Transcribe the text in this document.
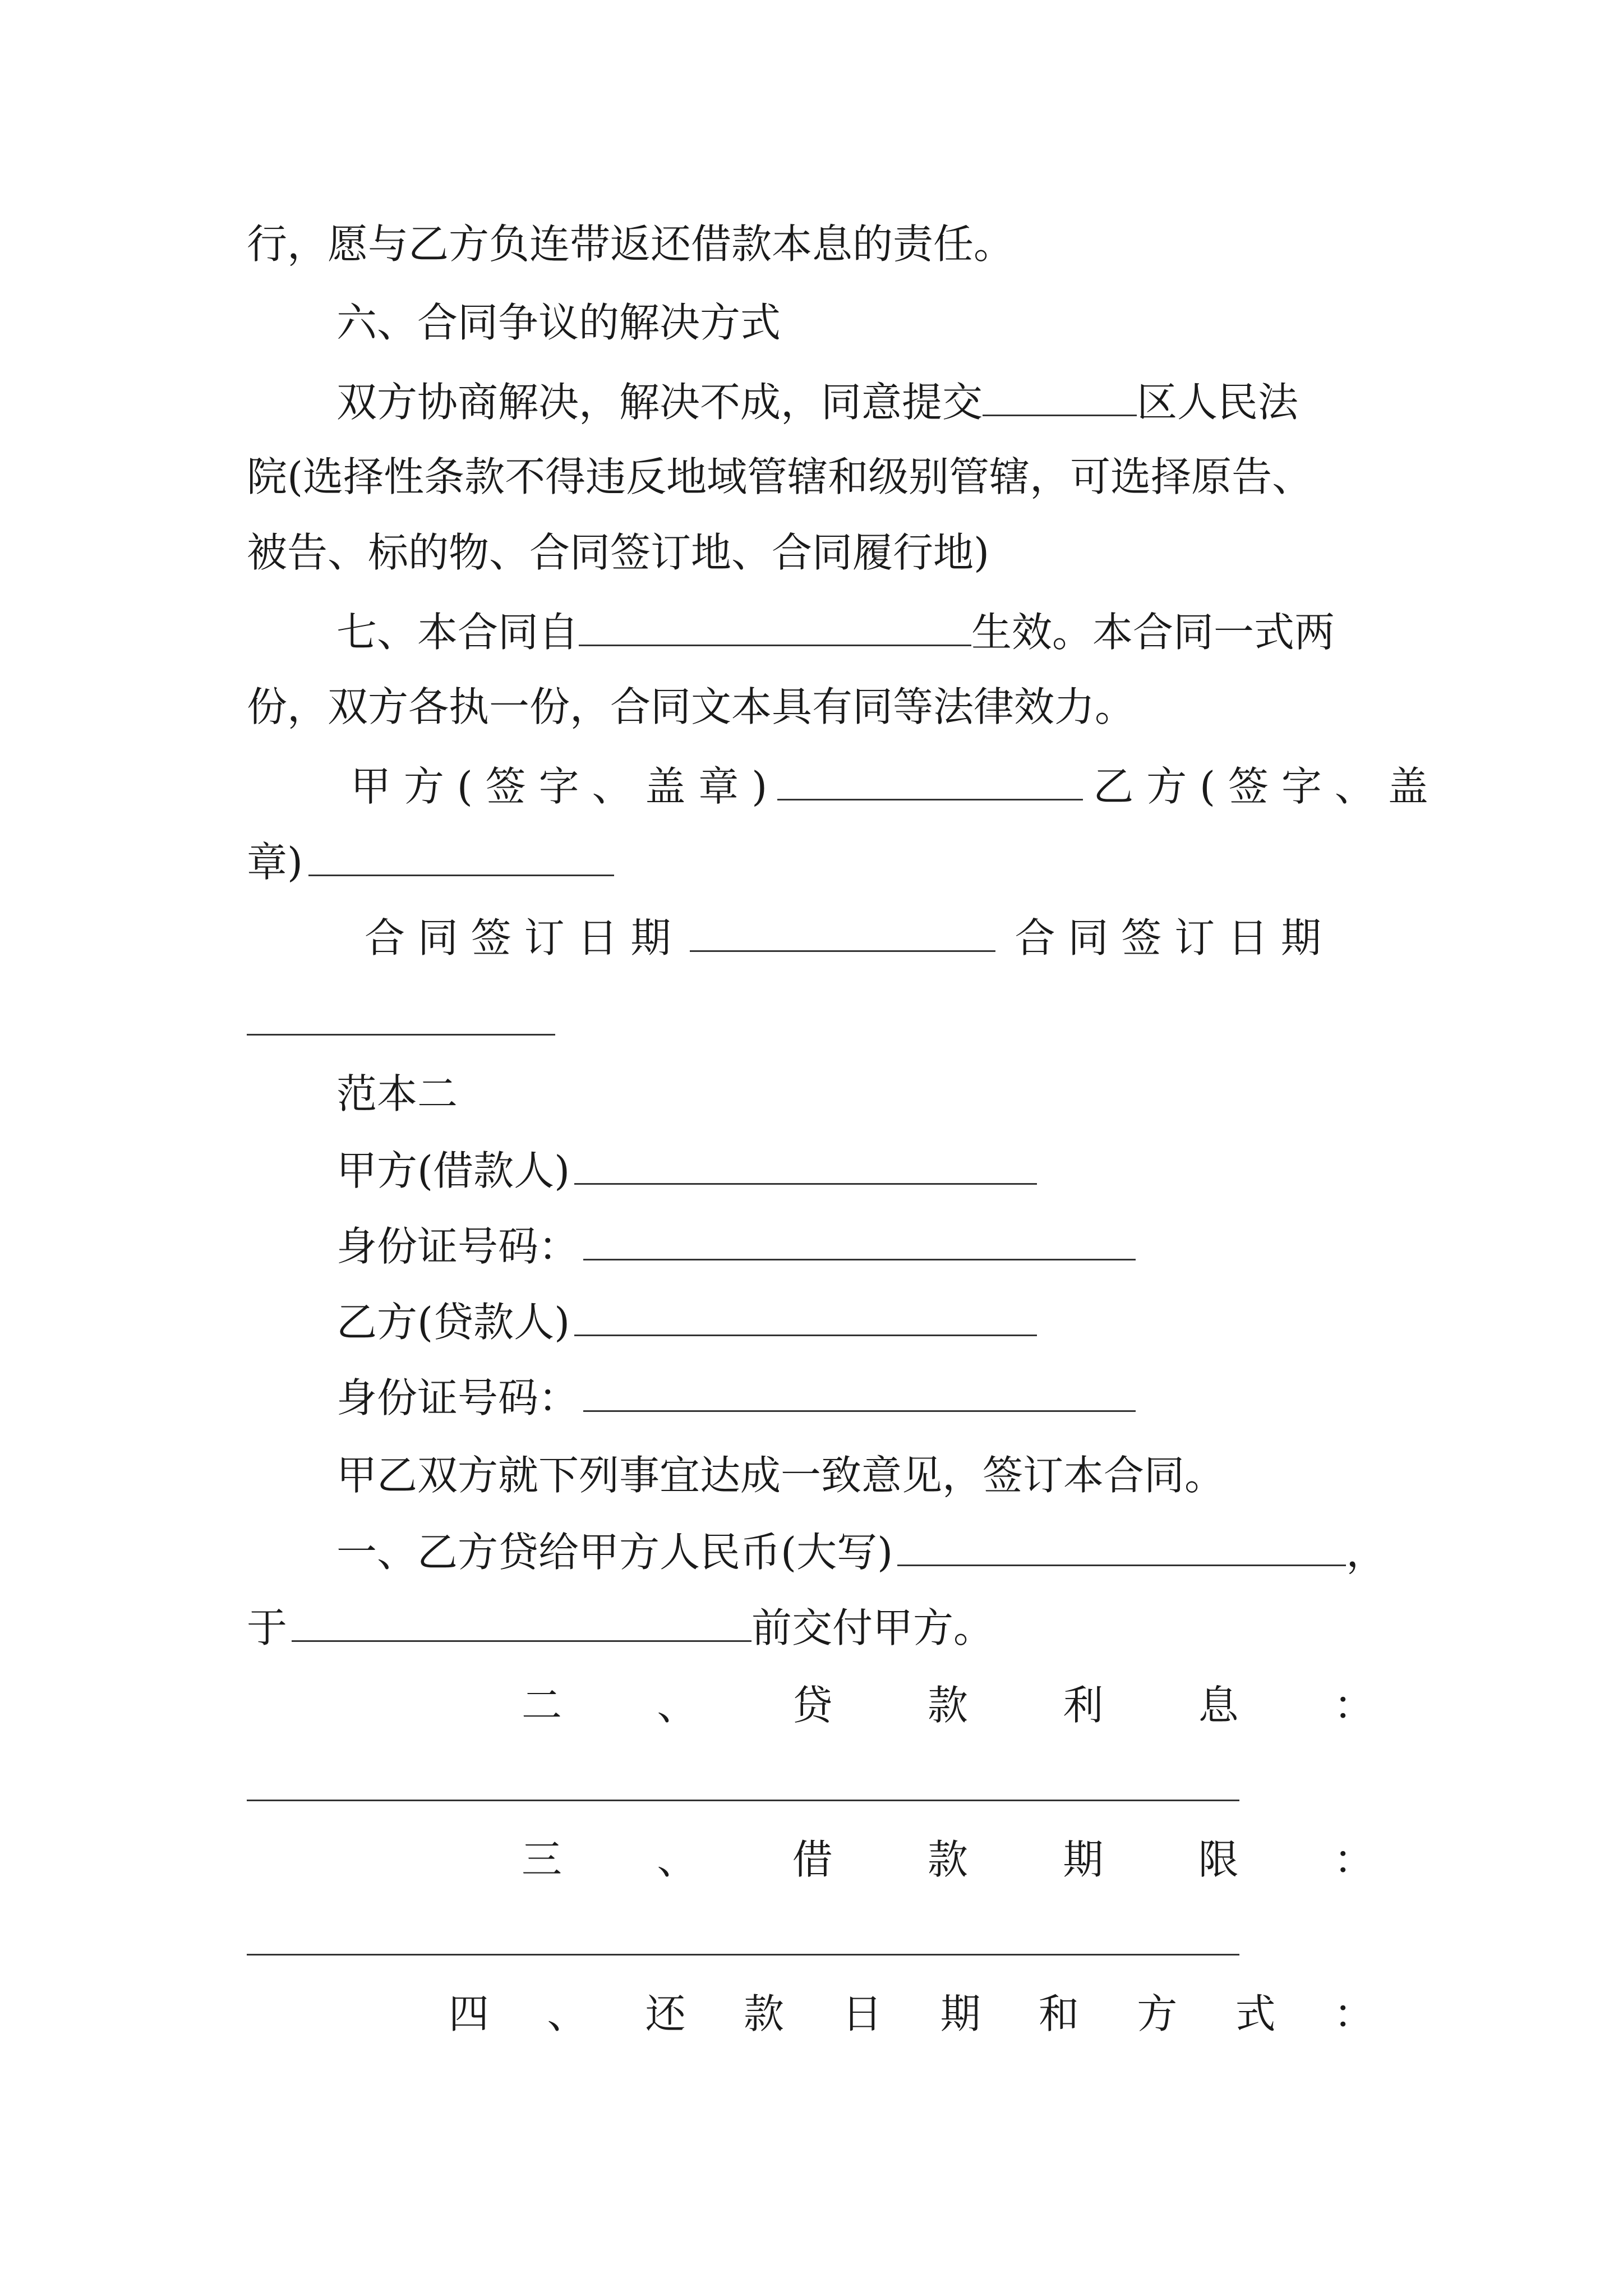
行，愿与乙方负连带返还借款本息的责任。
六、合同争议的解决方式
双方协商解决，解决不成，同意提交	区人民法
院(选择性条款不得违反地域管辖和级别管辖，可选择原告、
被告、标的物、合同签订地、合同履行地)
七、本合同自	生效。本合同一式两
份，双方各执一份，合同文本具有同等法律效力。
甲 方 ( 签 字 、 盖 章 )	乙 方 ( 签 字 、 盖
章)
合 同 签 订 日 期	合 同 签 订 日 期
范本二
甲方(借款人)
身份证号码：
乙方(贷款人)
身份证号码：
甲乙双方就下列事宜达成一致意见，签订本合同。
一、乙方贷给甲方人民币(大写)	，
于	前交付甲方。
二 、 贷 款 利 息 ：
三 、 借 款 期 限 ：
四 、 还 款 日 期 和 方 式 ：
